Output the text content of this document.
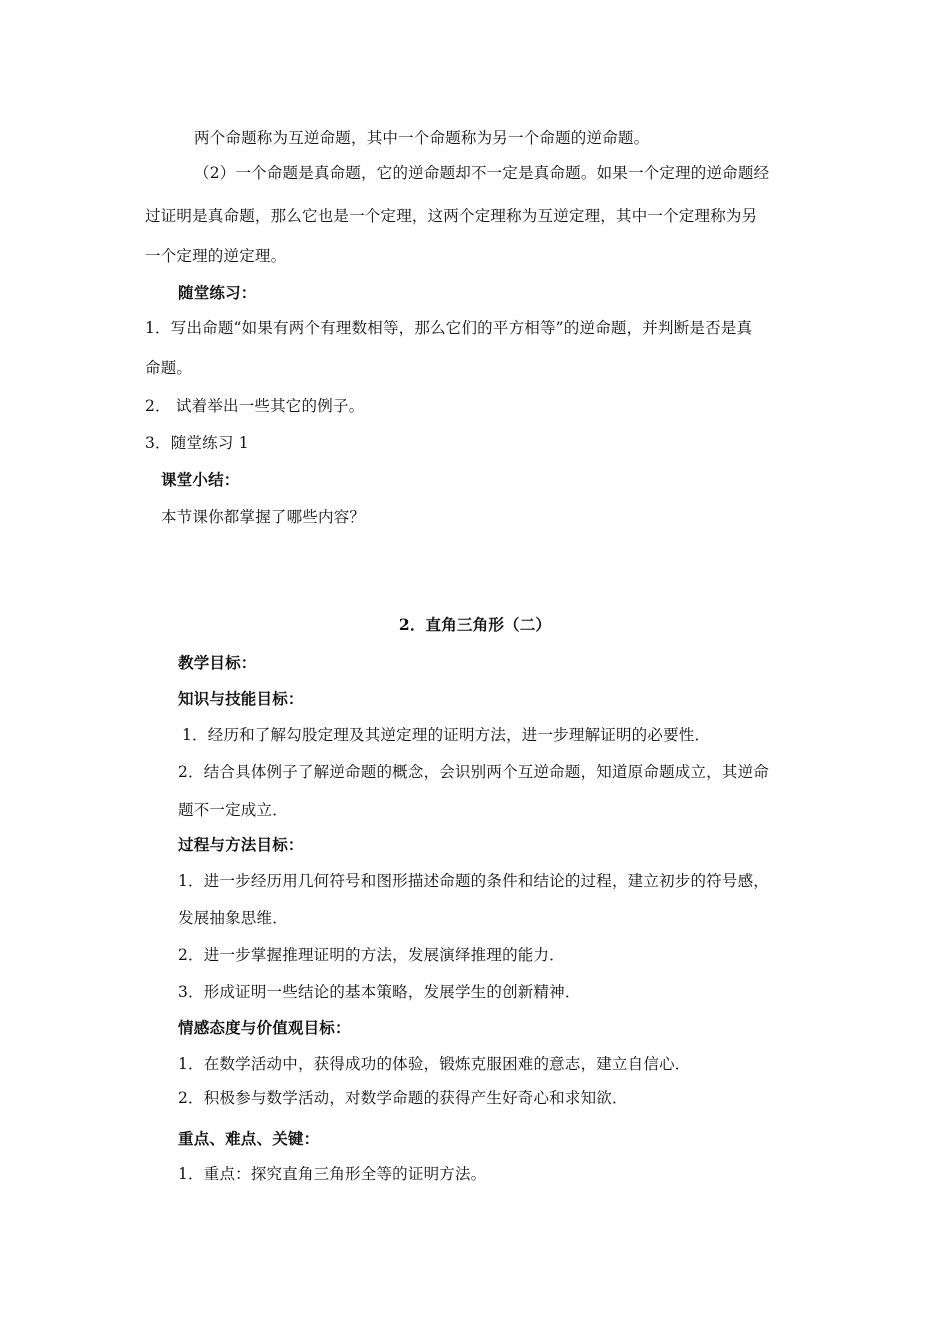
两个命题称为互逆命题，其中一个命题称为另一个命题的逆命题。
（2）一个命题是真命题，它的逆命题却不一定是真命题。如果一个定理的逆命题经
过证明是真命题，那么它也是一个定理，这两个定理称为互逆定理，其中一个定理称为另
一个定理的逆定理。
随堂练习：
1．写出命题“如果有两个有理数相等，那么它们的平方相等”的逆命题，并判断是否是真
命题。
2． 试着举出一些其它的例子。
3．随堂练习 1
课堂小结：
本节课你都掌握了哪些内容？
2．直角三角形（二）
教学目标：
知识与技能目标：
1．经历和了解勾股定理及其逆定理的证明方法，进一步理解证明的必要性．
2．结合具体例子了解逆命题的概念，会识别两个互逆命题，知道原命题成立，其逆命
题不一定成立．
过程与方法目标：
1．进一步经历用几何符号和图形描述命题的条件和结论的过程，建立初步的符号感，
发展抽象思维．
2．进一步掌握推理证明的方法，发展演绎推理的能力．
3．形成证明一些结论的基本策略，发展学生的创新精神．
情感态度与价值观目标：
1．在数学活动中，获得成功的体验，锻炼克服困难的意志，建立自信心．
2．积极参与数学活动，对数学命题的获得产生好奇心和求知欲．
重点、难点、关键：
1．重点：探究直角三角形全等的证明方法。
